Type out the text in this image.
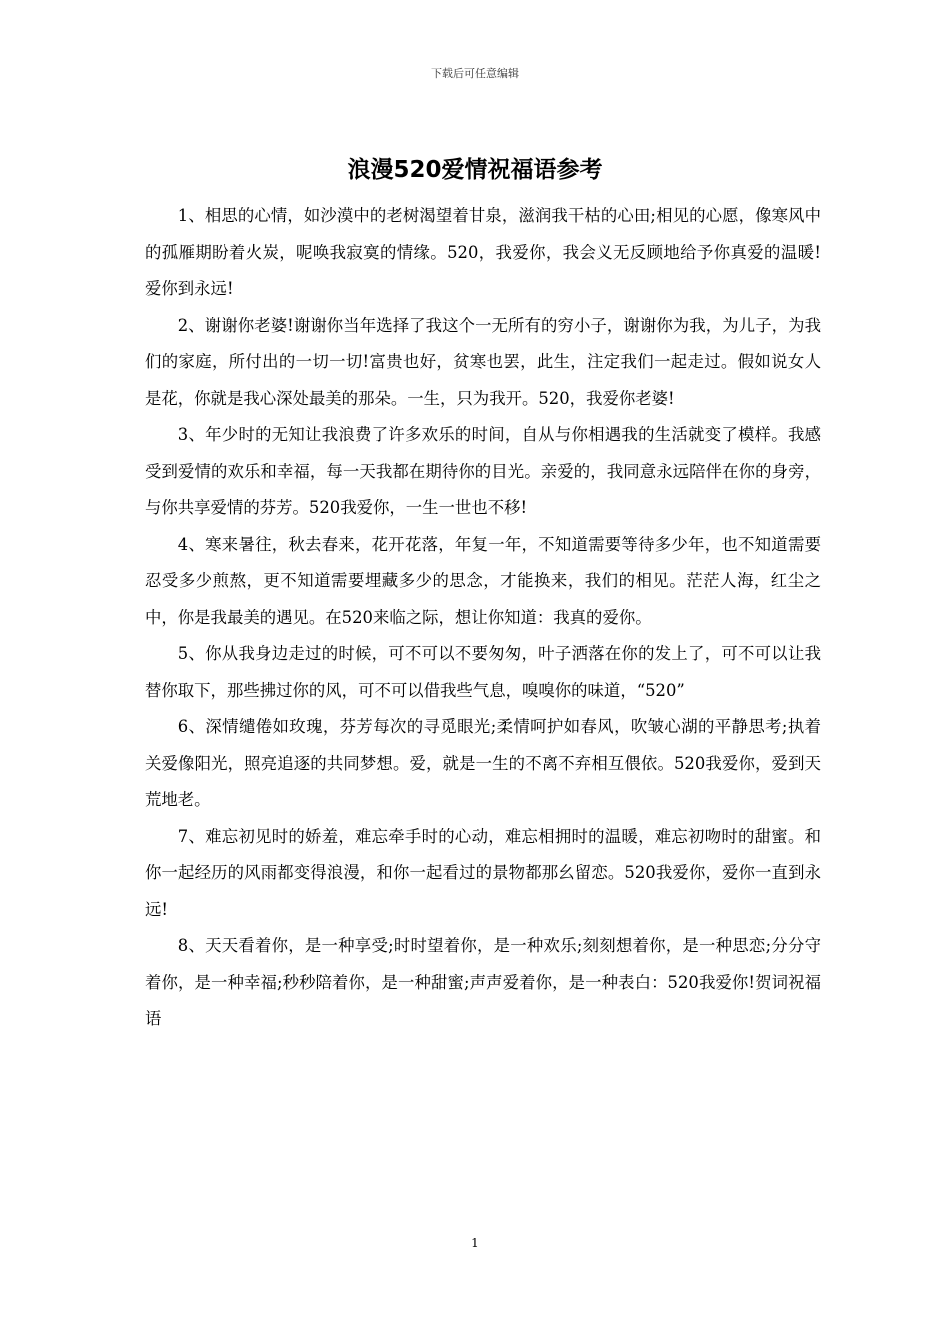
下载后可任意编辑
浪漫520爱情祝福语参考

1、相思的心情，如沙漠中的老树渴望着甘泉，滋润我干枯的心田;相见的心愿，像寒风中的孤雁期盼着火炭，呢唤我寂寞的情缘。520，我爱你，我会义无反顾地给予你真爱的温暖!爱你到永远!

2、谢谢你老婆!谢谢你当年选择了我这个一无所有的穷小子，谢谢你为我，为儿子，为我们的家庭，所付出的一切一切!富贵也好，贫寒也罢，此生，注定我们一起走过。假如说女人是花，你就是我心深处最美的那朵。一生，只为我开。520，我爱你老婆!

3、年少时的无知让我浪费了许多欢乐的时间，自从与你相遇我的生活就变了模样。我感受到爱情的欢乐和幸福，每一天我都在期待你的目光。亲爱的，我同意永远陪伴在你的身旁，与你共享爱情的芬芳。520我爱你，一生一世也不移!

4、寒来暑往，秋去春来，花开花落，年复一年，不知道需要等待多少年，也不知道需要忍受多少煎熬，更不知道需要埋藏多少的思念，才能换来，我们的相见。茫茫人海，红尘之中，你是我最美的遇见。在520来临之际，想让你知道：我真的爱你。

5、你从我身边走过的时候，可不可以不要匆匆，叶子洒落在你的发上了，可不可以让我替你取下，那些拂过你的风，可不可以借我些气息，嗅嗅你的味道，“520”

6、深情缱倦如玫瑰，芬芳每次的寻觅眼光;柔情呵护如春风，吹皱心湖的平静思考;执着关爱像阳光，照亮追逐的共同梦想。爱，就是一生的不离不弃相互偎依。520我爱你，爱到天荒地老。

7、难忘初见时的娇羞，难忘牵手时的心动，难忘相拥时的温暖，难忘初吻时的甜蜜。和你一起经历的风雨都变得浪漫，和你一起看过的景物都那幺留恋。520我爱你，爱你一直到永远!

8、天天看着你，是一种享受;时时望着你，是一种欢乐;刻刻想着你，是一种思恋;分分守着你，是一种幸福;秒秒陪着你，是一种甜蜜;声声爱着你，是一种表白：520我爱你!贺词祝福语

1
